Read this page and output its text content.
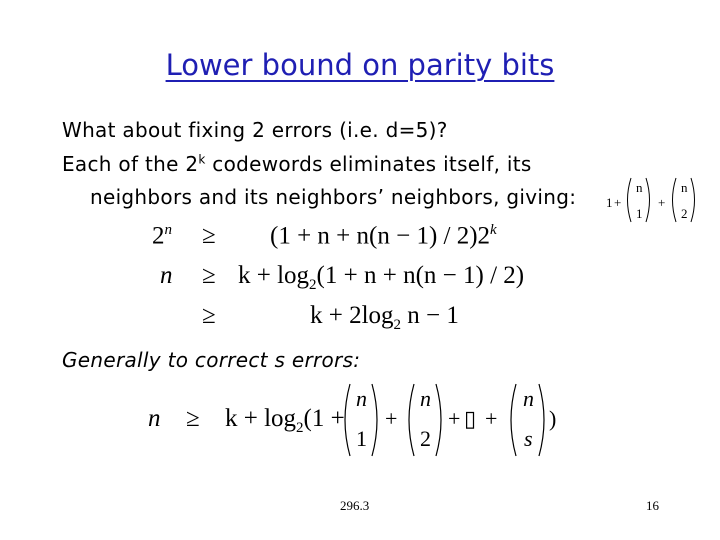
Lower bound on parity bits
What about fixing 2 errors (i.e. d=5)?
Each of the 2$^k$ codewords eliminates itself, its
neighbors and its neighbors’ neighbors, giving: 1 +
n
1
+
n
2
$2^n \ge (1 + n + n(n - 1) / 2)2^k$
$n \ge k + \log_2(1 + n + n(n - 1) / 2)$
≥	$k + 2\log_2$ n − 1
Generally to correct s errors:
$n \ge k + \log_2(1$ +
n
1
+
n
2
+ ▯ +
n
s
)
296.3	16
